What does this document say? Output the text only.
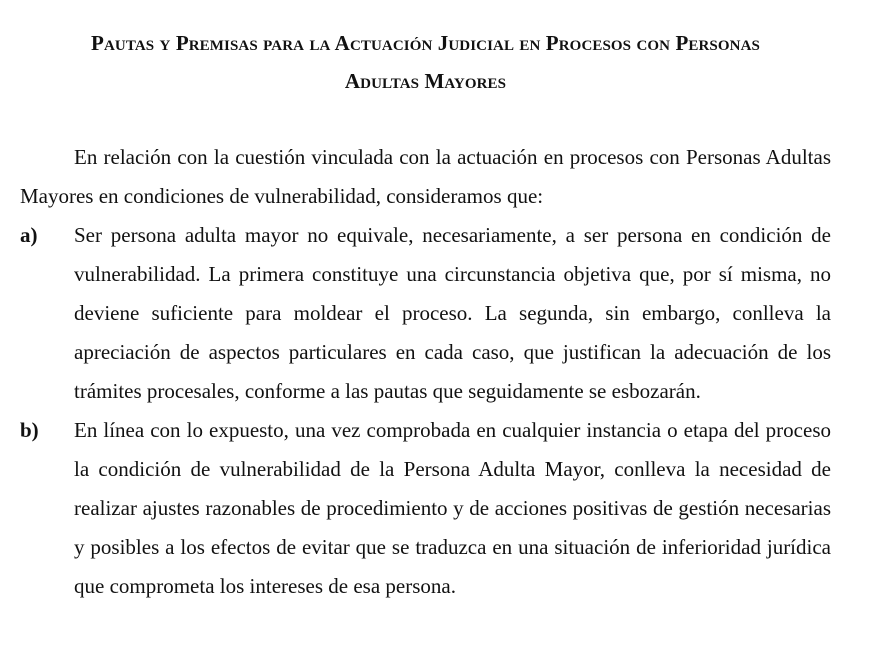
Pautas y Premisas para la Actuación Judicial en Procesos con Personas
Adultas Mayores

En relación con la cuestión vinculada con la actuación en procesos con Personas Adultas Mayores en condiciones de vulnerabilidad, consideramos que:

a)	Ser persona adulta mayor no equivale, necesariamente, a ser persona en condición de vulnerabilidad. La primera constituye una circunstancia objetiva que, por sí misma, no deviene suficiente para moldear el proceso. La segunda, sin embargo, conlleva la apreciación de aspectos particulares en cada caso, que justifican la adecuación de los trámites procesales, conforme a las pautas que seguidamente se esbozarán.
b)	En línea con lo expuesto, una vez comprobada en cualquier instancia o etapa del proceso la condición de vulnerabilidad de la Persona Adulta Mayor, conlleva la necesidad de realizar ajustes razonables de procedimiento y de acciones positivas de gestión necesarias y posibles a los efectos de evitar que se traduzca en una situación de inferioridad jurídica que comprometa los intereses de esa persona.
